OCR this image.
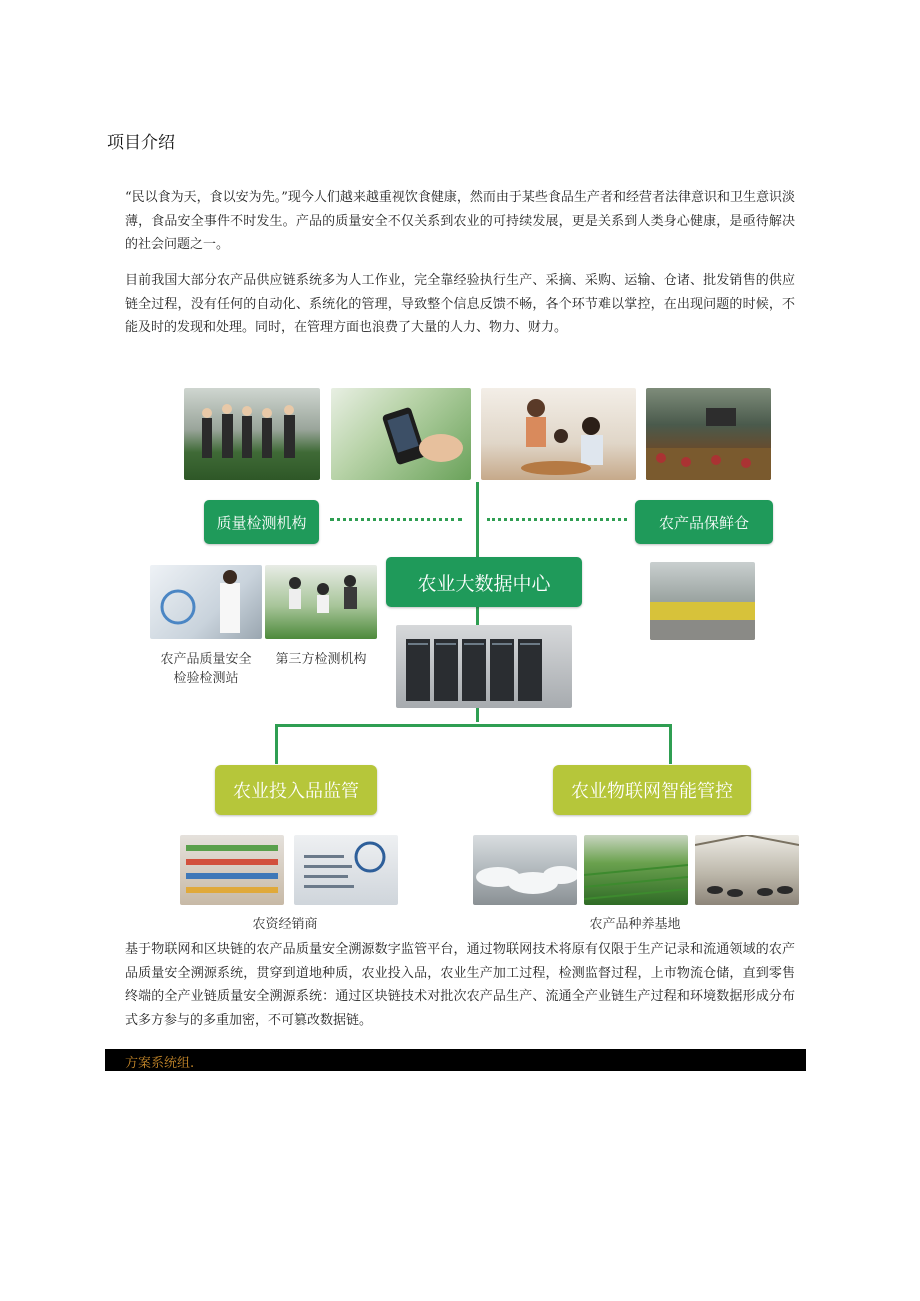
项目介绍

“民以食为天，食以安为先。”现今人们越来越重视饮食健康，然而由于某些食品生产者和经营者法律意识和卫生意识淡薄，食品安全事件不时发生。产品的质量安全不仅关系到农业的可持续发展，更是关系到人类身心健康，是亟待解决的社会问题之一。

目前我国大部分农产品供应链系统多为人工作业，完全靠经验执行生产、采摘、采购、运输、仓诸、批发销售的供应链全过程，没有任何的自动化、系统化的管理，导致整个信息反馈不畅，各个环节难以掌控，在出现问题的时候，不能及时的发现和处理。同时，在管理方面也浪费了大量的人力、物力、财力。

质量检测机构	农产品保鲜仓
农业大数据中心
农产品质量安全
检验检测站
第三方检测机构
农业投入品监管	农业物联网智能管控
农资经销商	农产品种养基地

基于物联网和区块链的农产品质量安全溯源数字监管平台，通过物联网技术将原有仅限于生产记录和流通领域的农产品质量安全溯源系统，贯穿到道地种质，农业投入品，农业生产加工过程，检测监督过程，上市物流仓储，直到零售终端的全产业链质量安全溯源系统：通过区块链技术对批次农产品生产、流通全产业链生产过程和环境数据形成分布式多方参与的多重加密，不可篡改数据链。

方案系统组.
